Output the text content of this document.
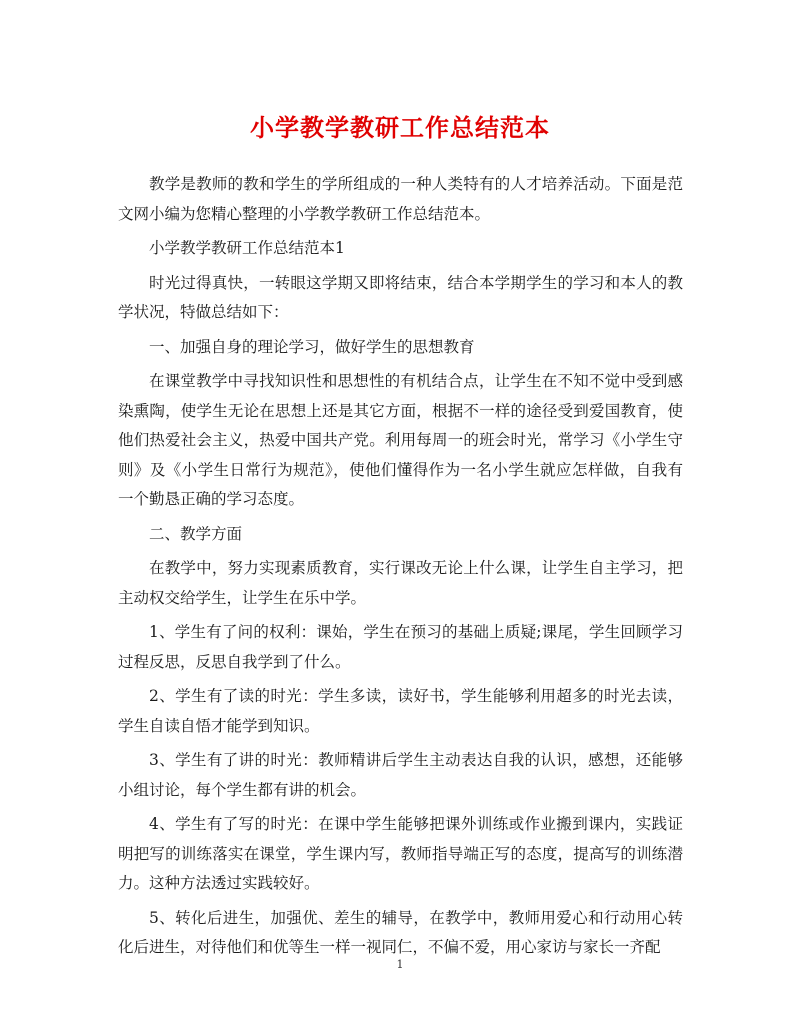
小学教学教研工作总结范本

教学是教师的教和学生的学所组成的一种人类特有的人才培养活动。下面是范文网小编为您精心整理的小学教学教研工作总结范本。

小学教学教研工作总结范本1

时光过得真快，一转眼这学期又即将结束，结合本学期学生的学习和本人的教学状况，特做总结如下：

一、加强自身的理论学习，做好学生的思想教育

在课堂教学中寻找知识性和思想性的有机结合点，让学生在不知不觉中受到感染熏陶，使学生无论在思想上还是其它方面，根据不一样的途径受到爱国教育，使他们热爱社会主义，热爱中国共产党。利用每周一的班会时光，常学习《小学生守则》及《小学生日常行为规范》，使他们懂得作为一名小学生就应怎样做，自我有一个勤恳正确的学习态度。

二、教学方面

在教学中，努力实现素质教育，实行课改无论上什么课，让学生自主学习，把主动权交给学生，让学生在乐中学。

1、学生有了问的权利：课始，学生在预习的基础上质疑;课尾，学生回顾学习过程反思，反思自我学到了什么。

2、学生有了读的时光：学生多读，读好书，学生能够利用超多的时光去读，学生自读自悟才能学到知识。

3、学生有了讲的时光：教师精讲后学生主动表达自我的认识，感想，还能够小组讨论，每个学生都有讲的机会。

4、学生有了写的时光：在课中学生能够把课外训练或作业搬到课内，实践证明把写的训练落实在课堂，学生课内写，教师指导端正写的态度，提高写的训练潜力。这种方法透过实践较好。

5、转化后进生，加强优、差生的辅导，在教学中，教师用爱心和行动用心转化后进生，对待他们和优等生一样一视同仁，不偏不爱，用心家访与家长一齐配

1
